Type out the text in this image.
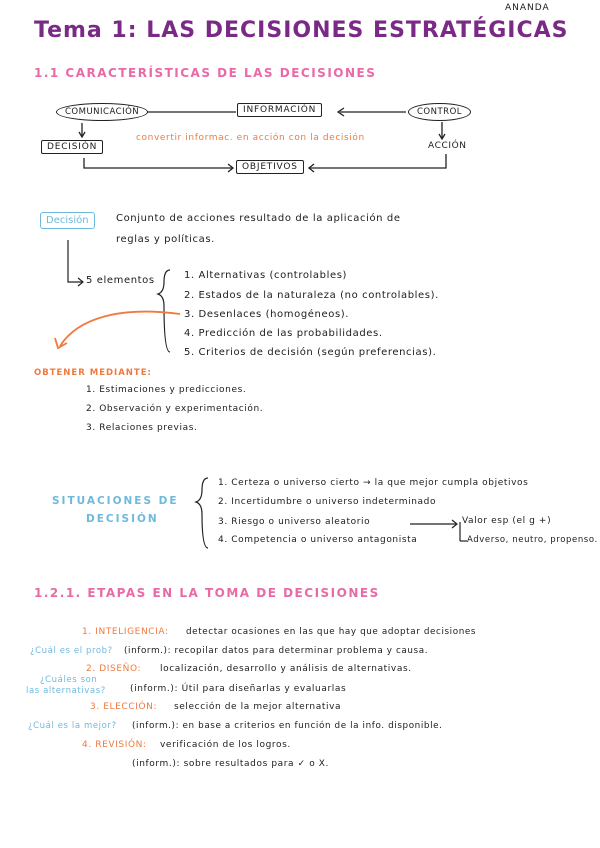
ANANDA
Tema 1: LAS DECISIONES ESTRATÉGICAS
1.1 CARACTERÍSTICAS DE LAS DECISIONES
COMUNICACIÓN	INFORMACIÓN	CONTROL
DECISIÓN	ACCIÓN
convertir informac. en acción con la decisión
OBJETIVOS
Decisión	Conjunto de acciones resultado de la aplicación de
reglas y políticas.
5 elementos	1. Alternativas (controlables)
2. Estados de la naturaleza (no controlables).
3. Desenlaces (homogéneos).
4. Predicción de las probabilidades.
5. Criterios de decisión (según preferencias).
OBTENER MEDIANTE:
1. Estimaciones y predicciones.
2. Observación y experimentación.
3. Relaciones previas.
SITUACIONES DE
DECISIÓN
1. Certeza o universo cierto → la que mejor cumpla objetivos
2. Incertidumbre o universo indeterminado
3. Riesgo o universo aleatorio
4. Competencia o universo antagonista
Valor esp (el g +)
Adverso, neutro, propenso.
1.2.1. ETAPAS EN LA TOMA DE DECISIONES
1. INTELIGENCIA: detectar ocasiones en las que hay que adoptar decisiones
¿Cuál es el prob? (inform.): recopilar datos para determinar problema y causa.
2. DISEÑO: localización, desarrollo y análisis de alternativas.
¿Cuáles son
las alternativas?	(inform.): Útil para diseñarlas y evaluarlas
3. ELECCIÓN: selección de la mejor alternativa
¿Cuál es la mejor? (inform.): en base a criterios en función de la info. disponible.
4. REVISIÓN: verificación de los logros.
(inform.): sobre resultados para ✓ o X.
